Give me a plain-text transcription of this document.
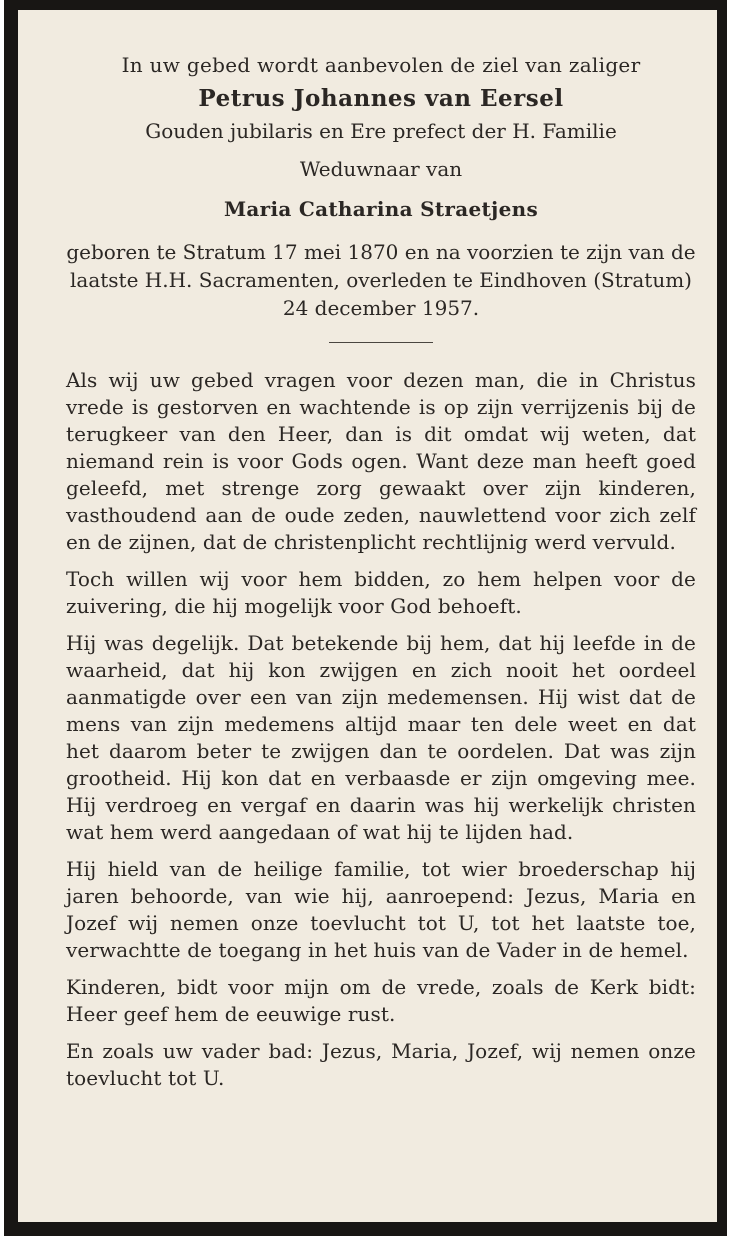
In uw gebed wordt aanbevolen de ziel van zaliger

Petrus Johannes van Eersel

Gouden jubilaris en Ere prefect der H. Familie

Weduwnaar van

Maria Catharina Straetjens

geboren te Stratum 17 mei 1870 en na voorzien te zijn van de laatste H.H. Sacramenten, overleden te Eindhoven (Stratum) 24 december 1957.

Als wij uw gebed vragen voor dezen man, die in Christus vrede is gestorven en wachtende is op zijn verrijzenis bij de terugkeer van den Heer, dan is dit omdat wij weten, dat niemand rein is voor Gods ogen. Want deze man heeft goed geleefd, met strenge zorg gewaakt over zijn kinderen, vasthoudend aan de oude zeden, nauwlettend voor zich zelf en de zijnen, dat de christenplicht rechtlijnig werd vervuld.

Toch willen wij voor hem bidden, zo hem helpen voor de zuivering, die hij mogelijk voor God behoeft.

Hij was degelijk. Dat betekende bij hem, dat hij leefde in de waarheid, dat hij kon zwijgen en zich nooit het oordeel aanmatigde over een van zijn medemensen. Hij wist dat de mens van zijn medemens altijd maar ten dele weet en dat het daarom beter te zwijgen dan te oordelen. Dat was zijn grootheid. Hij kon dat en verbaasde er zijn omgeving mee. Hij verdroeg en vergaf en daarin was hij werkelijk christen wat hem werd aangedaan of wat hij te lijden had.

Hij hield van de heilige familie, tot wier broederschap hij jaren behoorde, van wie hij, aanroepend: Jezus, Maria en Jozef wij nemen onze toevlucht tot U, tot het laatste toe, verwachtte de toegang in het huis van de Vader in de hemel.

Kinderen, bidt voor mijn om de vrede, zoals de Kerk bidt: Heer geef hem de eeuwige rust.

En zoals uw vader bad: Jezus, Maria, Jozef, wij nemen onze toevlucht tot U.
